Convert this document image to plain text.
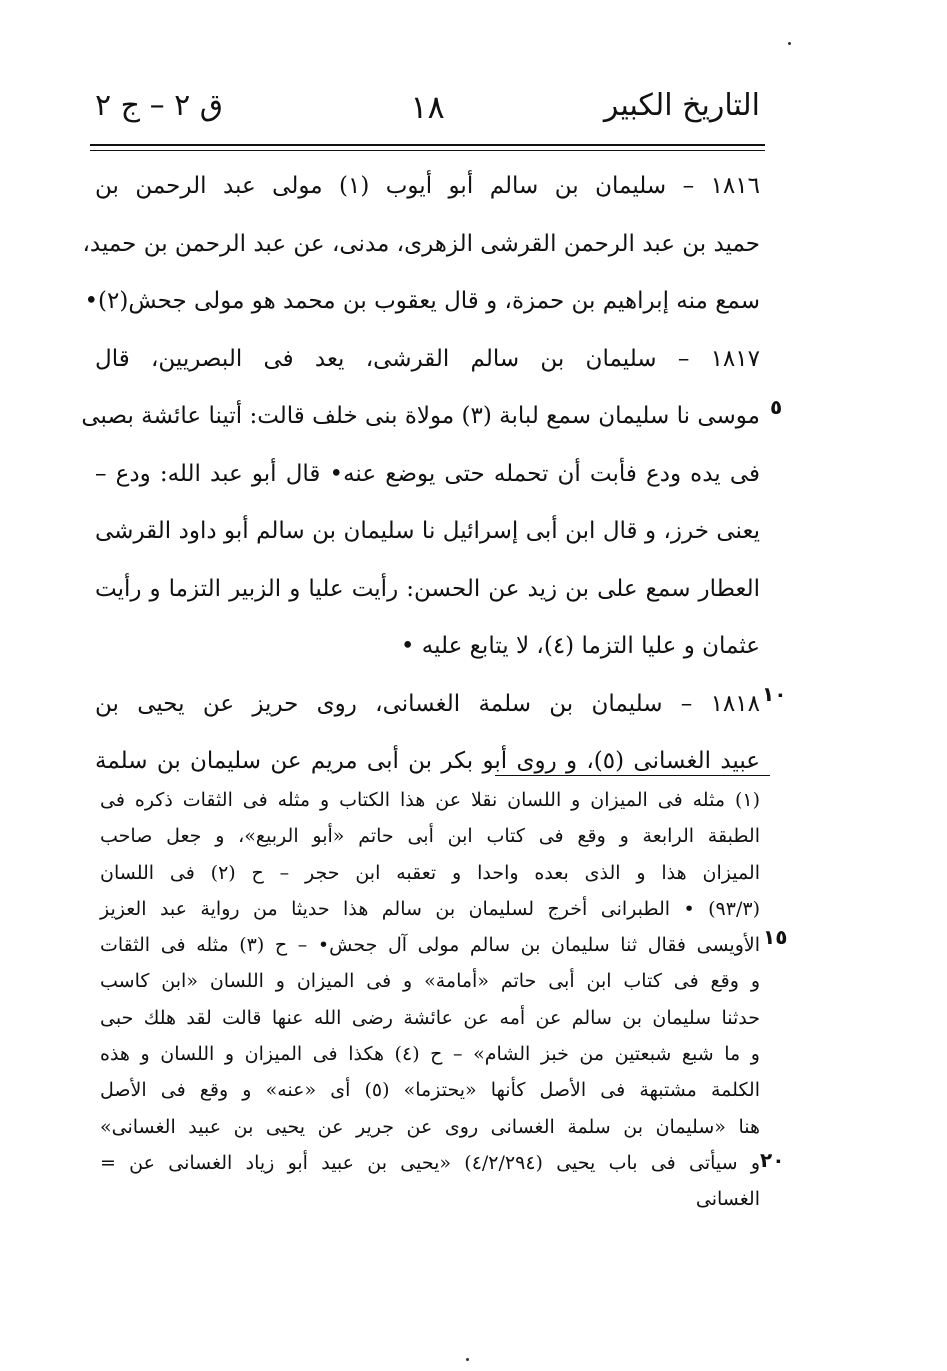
التاريخ الكبير
١٨
ق ٢ – ج ٢
١٨١٦ – سليمان بن سالم أبو أيوب (١) مولى عبد الرحمن بن
حميد بن عبد الرحمن القرشى الزهرى، مدنى، عن عبد الرحمن بن حميد،
سمع منه إبراهيم بن حمزة، و قال يعقوب بن محمد هو مولى جحش(٢)•
١٨١٧ – سليمان بن سالم القرشى، يعد فى البصريين، قال
موسى نا سليمان سمع لبابة (٣) مولاة بنى خلف قالت: أتينا عائشة بصبى
فى يده ودع فأبت أن تحمله حتى يوضع عنه• قال أبو عبد الله: ودع –
يعنى خرز، و قال ابن أبى إسرائيل نا سليمان بن سالم أبو داود القرشى
العطار سمع على بن زيد عن الحسن: رأيت عليا و الزبير التزما و رأيت
عثمان و عليا التزما (٤)، لا يتابع عليه •
١٨١٨ – سليمان بن سلمة الغسانى، روى حريز عن يحيى بن
عبيد الغسانى (٥)، و روى أبو بكر بن أبى مريم عن سليمان بن سلمة
٥
١٠
(١) مثله فى الميزان و اللسان نقلا عن هذا الكتاب و مثله فى الثقات ذكره فى
الطبقة الرابعة و وقع فى كتاب ابن أبى حاتم «أبو الربيع»، و جعل صاحب
الميزان هذا و الذى بعده واحدا و تعقبه ابن حجر – ح (٢) فى اللسان
(٩٣/٣) • الطبرانى أخرج لسليمان بن سالم هذا حديثا من رواية عبد العزيز
الأويسى فقال ثنا سليمان بن سالم مولى آل جحش• – ح (٣) مثله فى الثقات
و وقع فى كتاب ابن أبى حاتم «أمامة» و فى الميزان و اللسان «ابن كاسب
حدثنا سليمان بن سالم عن أمه عن عائشة رضى الله عنها قالت لقد هلك حبى
و ما شبع شبعتين من خبز الشام» – ح (٤) هكذا فى الميزان و اللسان و هذه
الكلمة مشتبهة فى الأصل كأنها «يحتزما» (٥) أى «عنه» و وقع فى الأصل
هنا «سليمان بن سلمة الغسانى روى عن جرير عن يحيى بن عبيد الغسانى»
و سيأتى فى باب يحيى (٤/٢/٢٩٤) «يحيى بن عبيد أبو زياد الغسانى عن =
الغسانى
١٥
٢٠
